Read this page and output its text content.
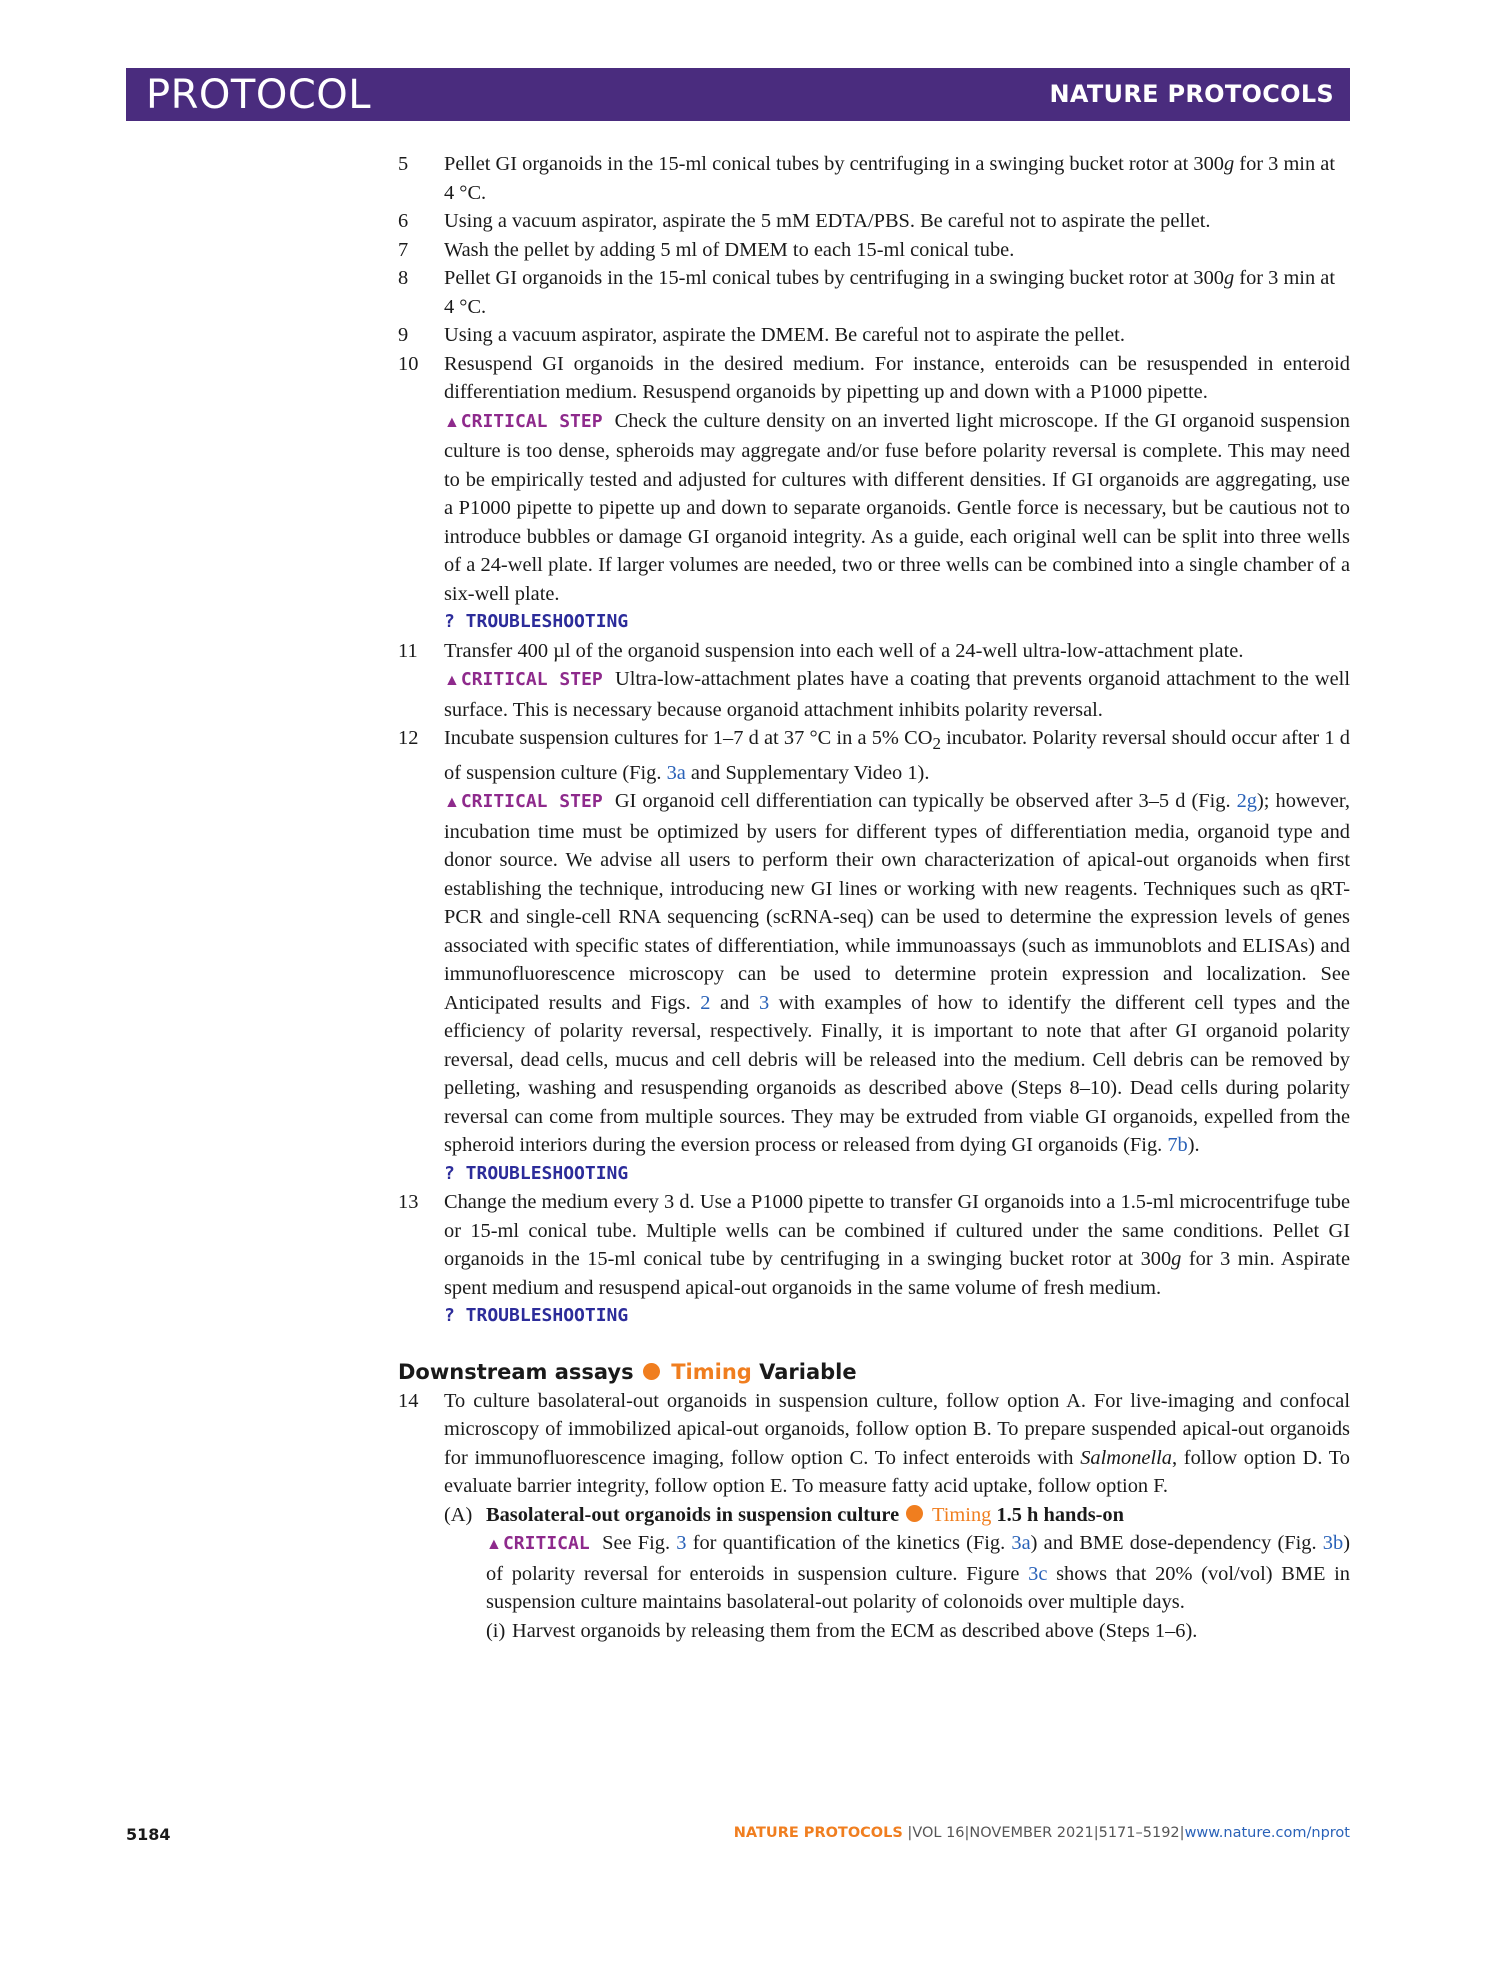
PROTOCOL	NATURE PROTOCOLS
5 Pellet GI organoids in the 15-ml conical tubes by centrifuging in a swinging bucket rotor at 300g for 3 min at 4 °C.
6 Using a vacuum aspirator, aspirate the 5 mM EDTA/PBS. Be careful not to aspirate the pellet.
7 Wash the pellet by adding 5 ml of DMEM to each 15-ml conical tube.
8 Pellet GI organoids in the 15-ml conical tubes by centrifuging in a swinging bucket rotor at 300g for 3 min at 4 °C.
9 Using a vacuum aspirator, aspirate the DMEM. Be careful not to aspirate the pellet.
10 Resuspend GI organoids in the desired medium. For instance, enteroids can be resuspended in enteroid differentiation medium. Resuspend organoids by pipetting up and down with a P1000 pipette.
▲CRITICAL STEP Check the culture density on an inverted light microscope. If the GI organoid suspension culture is too dense, spheroids may aggregate and/or fuse before polarity reversal is complete. This may need to be empirically tested and adjusted for cultures with different densities. If GI organoids are aggregating, use a P1000 pipette to pipette up and down to separate organoids. Gentle force is necessary, but be cautious not to introduce bubbles or damage GI organoid integrity. As a guide, each original well can be split into three wells of a 24-well plate. If larger volumes are needed, two or three wells can be combined into a single chamber of a six-well plate.
? TROUBLESHOOTING
11 Transfer 400 µl of the organoid suspension into each well of a 24-well ultra-low-attachment plate.
▲CRITICAL STEP Ultra-low-attachment plates have a coating that prevents organoid attachment to the well surface. This is necessary because organoid attachment inhibits polarity reversal.
12 Incubate suspension cultures for 1–7 d at 37 °C in a 5% $CO_2$ incubator. Polarity reversal should occur after 1 d of suspension culture (Fig. 3a and Supplementary Video 1).
▲CRITICAL STEP GI organoid cell differentiation can typically be observed after 3–5 d (Fig. 2g); however, incubation time must be optimized by users for different types of differentiation media, organoid type and donor source. We advise all users to perform their own characterization of apical-out organoids when first establishing the technique, introducing new GI lines or working with new reagents. Techniques such as qRT-PCR and single-cell RNA sequencing (scRNA-seq) can be used to determine the expression levels of genes associated with specific states of differentiation, while immunoassays (such as immunoblots and ELISAs) and immunofluorescence microscopy can be used to determine protein expression and localization. See Anticipated results and Figs. 2 and 3 with examples of how to identify the different cell types and the efficiency of polarity reversal, respectively. Finally, it is important to note that after GI organoid polarity reversal, dead cells, mucus and cell debris will be released into the medium. Cell debris can be removed by pelleting, washing and resuspending organoids as described above (Steps 8–10). Dead cells during polarity reversal can come from multiple sources. They may be extruded from viable GI organoids, expelled from the spheroid interiors during the eversion process or released from dying GI organoids (Fig. 7b).
? TROUBLESHOOTING
13 Change the medium every 3 d. Use a P1000 pipette to transfer GI organoids into a 1.5-ml microcentrifuge tube or 15-ml conical tube. Multiple wells can be combined if cultured under the same conditions. Pellet GI organoids in the 15-ml conical tube by centrifuging in a swinging bucket rotor at 300g for 3 min. Aspirate spent medium and resuspend apical-out organoids in the same volume of fresh medium.
? TROUBLESHOOTING
Downstream assays Timing Variable
14 To culture basolateral-out organoids in suspension culture, follow option A. For live-imaging and confocal microscopy of immobilized apical-out organoids, follow option B. To prepare suspended apical-out organoids for immunofluorescence imaging, follow option C. To infect enteroids with Salmonella, follow option D. To evaluate barrier integrity, follow option E. To measure fatty acid uptake, follow option F.
(A) Basolateral-out organoids in suspension culture Timing 1.5 h hands-on
▲CRITICAL See Fig. 3 for quantification of the kinetics (Fig. 3a) and BME dose-dependency (Fig. 3b) of polarity reversal for enteroids in suspension culture. Figure 3c shows that 20% (vol/vol) BME in suspension culture maintains basolateral-out polarity of colonoids over multiple days.
(i) Harvest organoids by releasing them from the ECM as described above (Steps 1–6).
5184	NATURE PROTOCOLS |VOL 16|NOVEMBER 2021|5171–5192|www.nature.com/nprot
